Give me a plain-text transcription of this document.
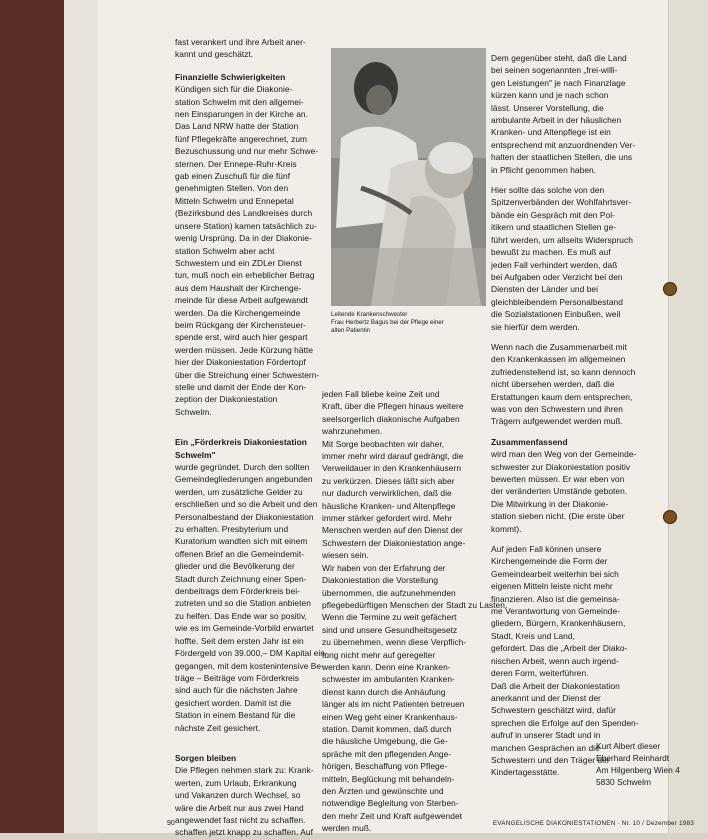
fast verankert und ihre Arbeit aner-

kannt und geschätzt.

Finanzielle Schwierigkeiten

Kündigen sich für die Diakonie-

station Schwelm mit den allgemei-

nen Einsparungen in der Kirche an.

Das Land NRW hatte der Station

fünf Pflegekräfte angerechnet, zum

Bezuschussung und nur mehr Schwe-

sternen. Der Ennepe-Ruhr-Kreis

gab einen Zuschuß für die fünf

genehmigten Stellen. Von den

Mitteln Schwelm und Ennepetal

(Bezirksbund des Landkreises durch

unsere Station) kamen tatsächlich zu-

wenig Ursprüng. Da in der Diakonie-

station Schwelm aber acht

Schwestern und ein ZDLer Dienst

tun, muß noch ein erheblicher Betrag

aus dem Haushalt der Kirchenge-

meinde für diese Arbeit aufgewandt

werden. Da die Kirchengemeinde

beim Rückgang der Kirchensteuer-

spende erst, wird auch hier gespart

werden müssen. Jede Kürzung hätte

hier der Diakoniestation Fördertopf

über die Streichung einer Schwestern-

stelle und damit der Ende der Kon-

zeption der Diakoniestation

Schwelm.

Ein „Förderkreis Diakoniestation

Schwelm"

wurde gegründet. Durch den sollten

Gemeindegliederungen angebunden

werden, um zusätzliche Gelder zu

erschließen und so die Arbeit und den

Personalbestand der Diakoniestation

zu erhalten. Presbyterium und

Kuratorium wandten sich mit einem

offenen Brief an die Gemeindemit-

glieder und die Bevölkerung der

Stadt durch Zeichnung einer Spen-

denbeitrags dem Förderkreis bei-

zutreten und so die Station anbieten

zu helfen. Das Ende war so positiv,

wie es im Gemeinde-Vorbild erwartet

hoffte. Seit dem ersten Jahr ist ein

Fördergeld von 39.000,– DM Kapital ein-

gegangen, mit dem kostenintensive Be-

träge – Beiträge vom Förderkreis

sind auch für die nächsten Jahre

gesichert worden. Damit ist die

Station in einem Bestand für die

nächste Zeit gesichert.

Sorgen bleiben

Die Pflegen nehmen stark zu: Krank-

werten, zum Urlaub, Erkrankung

und Vakanzen durch Wechsel, so

wäre die Arbeit nur aus zwei Hand

angewendet fast nicht zu schaffen.

schaffen jetzt knapp zu schaffen. Auf

Leitende Krankenschwester

Frau Herbertz Bagus bei der Pflege einer

alten Patientin

jeden Fall bliebe keine Zeit und

Kraft, über die Pflegen hinaus weitere

seelsorgerlich diakonische Aufgaben

wahrzunehmen.

Mit Sorge beobachten wir daher,

immer mehr wird darauf gedrängt, die

Verweildauer in den Krankenhäusern

zu verkürzen. Dieses läßt sich aber

nur dadurch verwirklichen, daß die

häusliche Kranken- und Altenpflege

immer stärker gefordert wird. Mehr

Menschen werden auf den Dienst der

Schwestern der Diakoniestation ange-

wiesen sein.

Wir haben von der Erfahrung der

Diakoniestation die Vorstellung

übernommen, die aufzunehmenden

pflegebedürftigen Menschen der Stadt zu Lasten.

Wenn die Termine zu weit gefächert

sind und unsere Gesundheitsgesetz

zu übernehmen, wenn diese Verpflich-

tung nicht mehr auf geregelter

werden kann. Denn eine Kranken-

schwester im ambulanten Kranken-

dienst kann durch die Anhäufung

länger als im nicht Patienten betreuen

einen Weg geht einer Krankenhaus-

station. Damit kommen, daß durch

die häusliche Umgebung, die Ge-

spräche mit den pflegenden Ange-

hörigen, Beschaffung von Pflege-

mitteln, Beglückung mit behandeln-

den Ärzten und gewünschte und

notwendige Begleitung von Sterben-

den mehr Zeit und Kraft aufgewendet

werden muß.

Dem gegenüber steht, daß die Land

bei seinen sogenannten „frei-willi-

gen Leistungen" je nach Finanzlage

kürzen kann und je nach schon

lässt. Unserer Vorstellung, die

ambulante Arbeit in der häuslichen

Kranken- und Altenpflege ist ein

entsprechend mit anzuordnenden Ver-

halten der staatlichen Stellen, die uns

in Pflicht genommen haben.

Hier sollte das solche von den

Spitzenverbänden der Wohlfahrtsver-

bände ein Gespräch mit den Pol-

itikern und staatlichen Stellen ge-

führt werden, um allseits Widerspruch

bewußt zu machen. Es muß auf

jeden Fall verhindert werden, daß

bei Aufgaben oder Verzicht bei den

Diensten der Länder und bei

gleichbleibendem Personalbestand

die Sozialstationen Einbußen, weil

sie hierfür dem werden.

Wenn nach die Zusammenarbeit mit

den Krankenkassen im allgemeinen

zufriedenstellend ist, so kann dennoch

nicht übersehen werden, daß die

Erstattungen kaum dem entsprechen,

was von den Schwestern und ihren

Trägern aufgewendet werden muß.

Zusammenfassend

wird man den Weg von der Gemeinde-

schwester zur Diakoniestation positiv

bewerten müssen. Er war eben von

der veränderten Umstände geboten.

Die Mitwirkung in der Diakonie-

station sieben nicht. (Die erste über

kommt).

Auf jeden Fall können unsere

Kirchengemeinde die Form der

Gemeindearbeit weiterhin bei sich

eigenen Mitteln leiste nicht mehr

finanzieren. Also ist die gemeinsa-

me Verantwortung von Gemeinde-

gliedern, Bürgern, Krankenhäusern,

Stadt, Kreis und Land,

gefordert. Das die „Arbeit der Diako-

nischen Arbeit, wenn auch irgend-

deren Form, weiterführen.

Daß die Arbeit der Diakoniestation

anerkannt und der Dienst der

Schwestern geschätzt wird, dafür

sprechen die Erfolge auf den Spenden-

aufruf in unserer Stadt und in

manchen Gesprächen an die

Schwestern und den Träger der

Kindertagesstätte.

Kurt Albert dieser

Eberhard Reinhardt

Am Hilgenberg Wien 4

5830 Schwelm

90	EVANGELISCHE DIAKONIESTATIONEN · Nr. 10 / Dezember 1983
